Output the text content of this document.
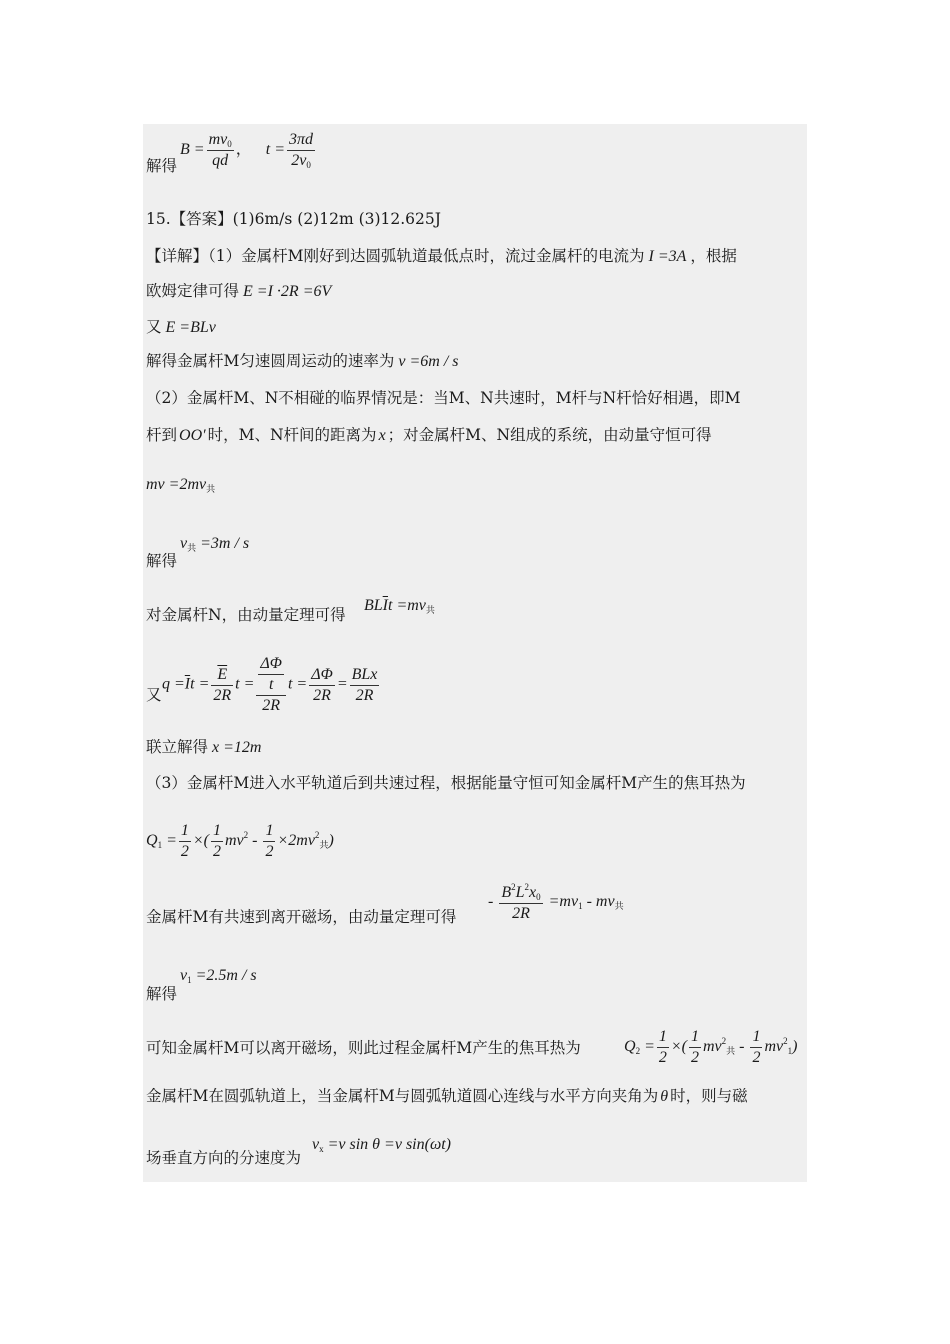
解得
$B = \frac{mv_0}{qd}$ ， $t = \frac{3\pi d}{2v_0}$
15.【答案】(1)6m/s (2)12m (3)12.625J
【详解】（1）金属杆M刚好到达圆弧轨道最低点时，流过金属杆的电流为 I =3A ，根据
欧姆定律可得 E =I ·2R =6V
又 E =BLv
解得金属杆M匀速圆周运动的速率为 v =6m / s
（2）金属杆M、N不相碰的临界情况是：当M、N共速时，M杆与N杆恰好相遇，即M
杆到 OO′ 时，M、N杆间的距离为 x ；对金属杆M、N组成的系统，由动量守恒可得
mv $=2mv_共$
解得
$v_共 =3m / s$
对金属杆N，由动量定理可得
$BL\overline{I}t =mv_共$
又
$q =\overline{I}t = \frac{\overline{E}}{2R}$ $t = \frac{\frac{\Delta\Phi}{t}}{2R}$ $t = \frac{\Delta\Phi}{2R} = \frac{\text{BLx}}{2R}$
联立解得 x =12m
（3）金属杆M进入水平轨道后到共速过程，根据能量守恒可知金属杆M产生的焦耳热为
$Q_1 = \frac{1}{2}$ ×( $\frac{1}{2} mv^2 - \frac{1}{2} \times 2mv^2_共$)
金属杆M有共速到离开磁场，由动量定理可得
- $\frac{B^2L^2x_0}{2R} =mv_1 - mv_共$
解得
$v_1 =2.5m / s$
可知金属杆M可以离开磁场，则此过程金属杆M产生的焦耳热为	$Q_2 = \frac{1}{2}$ ×( $\frac{1}{2} mv^2_共 - \frac{1}{2} mv^2_1$)
金属杆M在圆弧轨道上，当金属杆M与圆弧轨道圆心连线与水平方向夹角为 θ 时，则与磁
场垂直方向的分速度为
$v_x =v$ sin θ =v sin(ωt)
